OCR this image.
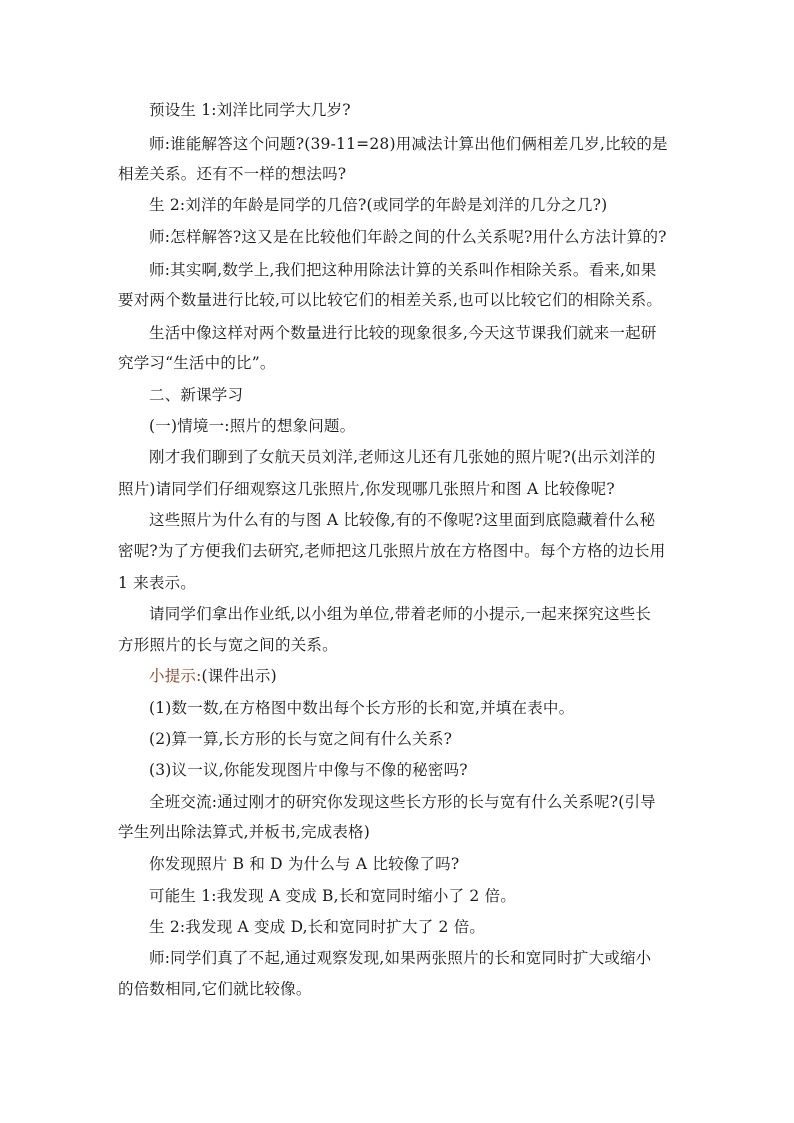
预设生 1:刘洋比同学大几岁?
师:谁能解答这个问题?(39-11=28)用减法计算出他们俩相差几岁,比较的是
相差关系。还有不一样的想法吗?
生 2:刘洋的年龄是同学的几倍?(或同学的年龄是刘洋的几分之几?)
师:怎样解答?这又是在比较他们年龄之间的什么关系呢?用什么方法计算的?
师:其实啊,数学上,我们把这种用除法计算的关系叫作相除关系。看来,如果
要对两个数量进行比较,可以比较它们的相差关系,也可以比较它们的相除关系。
生活中像这样对两个数量进行比较的现象很多,今天这节课我们就来一起研
究学习“生活中的比”。
二、新课学习
(一)情境一:照片的想象问题。
刚才我们聊到了女航天员刘洋,老师这儿还有几张她的照片呢?(出示刘洋的
照片)请同学们仔细观察这几张照片,你发现哪几张照片和图 A 比较像呢?
这些照片为什么有的与图 A 比较像,有的不像呢?这里面到底隐藏着什么秘
密呢?为了方便我们去研究,老师把这几张照片放在方格图中。每个方格的边长用
1 来表示。
请同学们拿出作业纸,以小组为单位,带着老师的小提示,一起来探究这些长
方形照片的长与宽之间的关系。
小提示:(课件出示)
(1)数一数,在方格图中数出每个长方形的长和宽,并填在表中。
(2)算一算,长方形的长与宽之间有什么关系?
(3)议一议,你能发现图片中像与不像的秘密吗?
全班交流:通过刚才的研究你发现这些长方形的长与宽有什么关系呢?(引导
学生列出除法算式,并板书,完成表格)
你发现照片 B 和 D 为什么与 A 比较像了吗?
可能生 1:我发现 A 变成 B,长和宽同时缩小了 2 倍。
生 2:我发现 A 变成 D,长和宽同时扩大了 2 倍。
师:同学们真了不起,通过观察发现,如果两张照片的长和宽同时扩大或缩小
的倍数相同,它们就比较像。
